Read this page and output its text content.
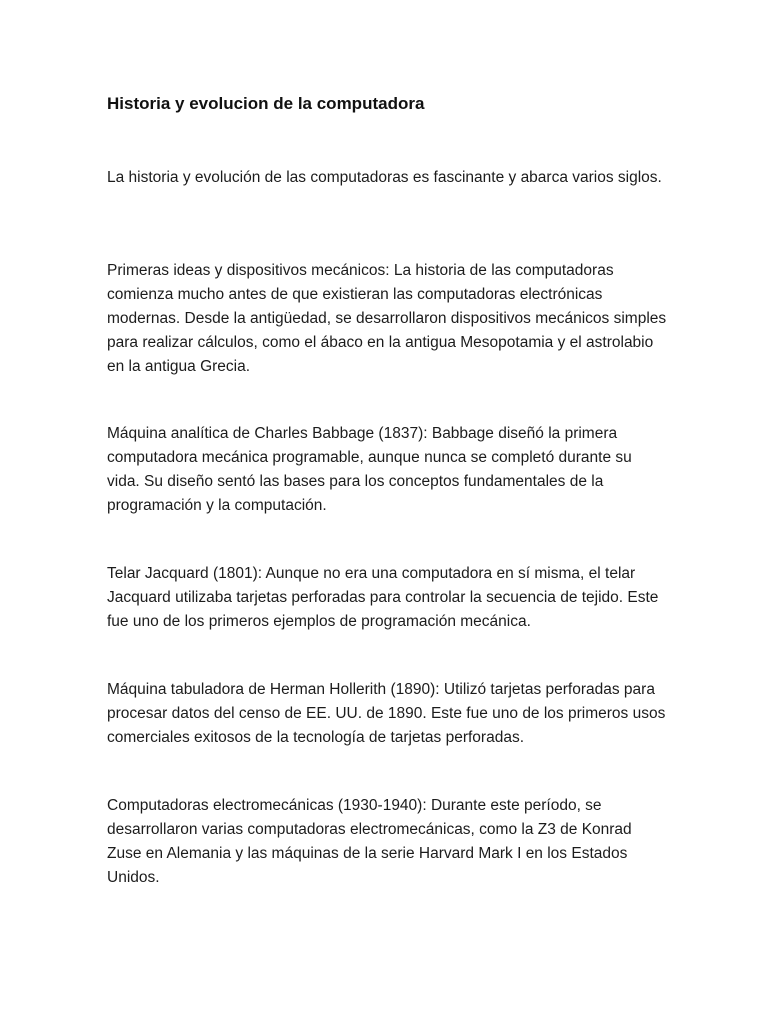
Historia y evolucion de la computadora

La historia y evolución de las computadoras es fascinante y abarca varios siglos.

Primeras ideas y dispositivos mecánicos: La historia de las computadoras comienza mucho antes de que existieran las computadoras electrónicas modernas. Desde la antigüedad, se desarrollaron dispositivos mecánicos simples para realizar cálculos, como el ábaco en la antigua Mesopotamia y el astrolabio en la antigua Grecia.

Máquina analítica de Charles Babbage (1837): Babbage diseñó la primera computadora mecánica programable, aunque nunca se completó durante su vida. Su diseño sentó las bases para los conceptos fundamentales de la programación y la computación.

Telar Jacquard (1801): Aunque no era una computadora en sí misma, el telar Jacquard utilizaba tarjetas perforadas para controlar la secuencia de tejido. Este fue uno de los primeros ejemplos de programación mecánica.

Máquina tabuladora de Herman Hollerith (1890): Utilizó tarjetas perforadas para procesar datos del censo de EE. UU. de 1890. Este fue uno de los primeros usos comerciales exitosos de la tecnología de tarjetas perforadas.

Computadoras electromecánicas (1930-1940): Durante este período, se desarrollaron varias computadoras electromecánicas, como la Z3 de Konrad Zuse en Alemania y las máquinas de la serie Harvard Mark I en los Estados Unidos.
